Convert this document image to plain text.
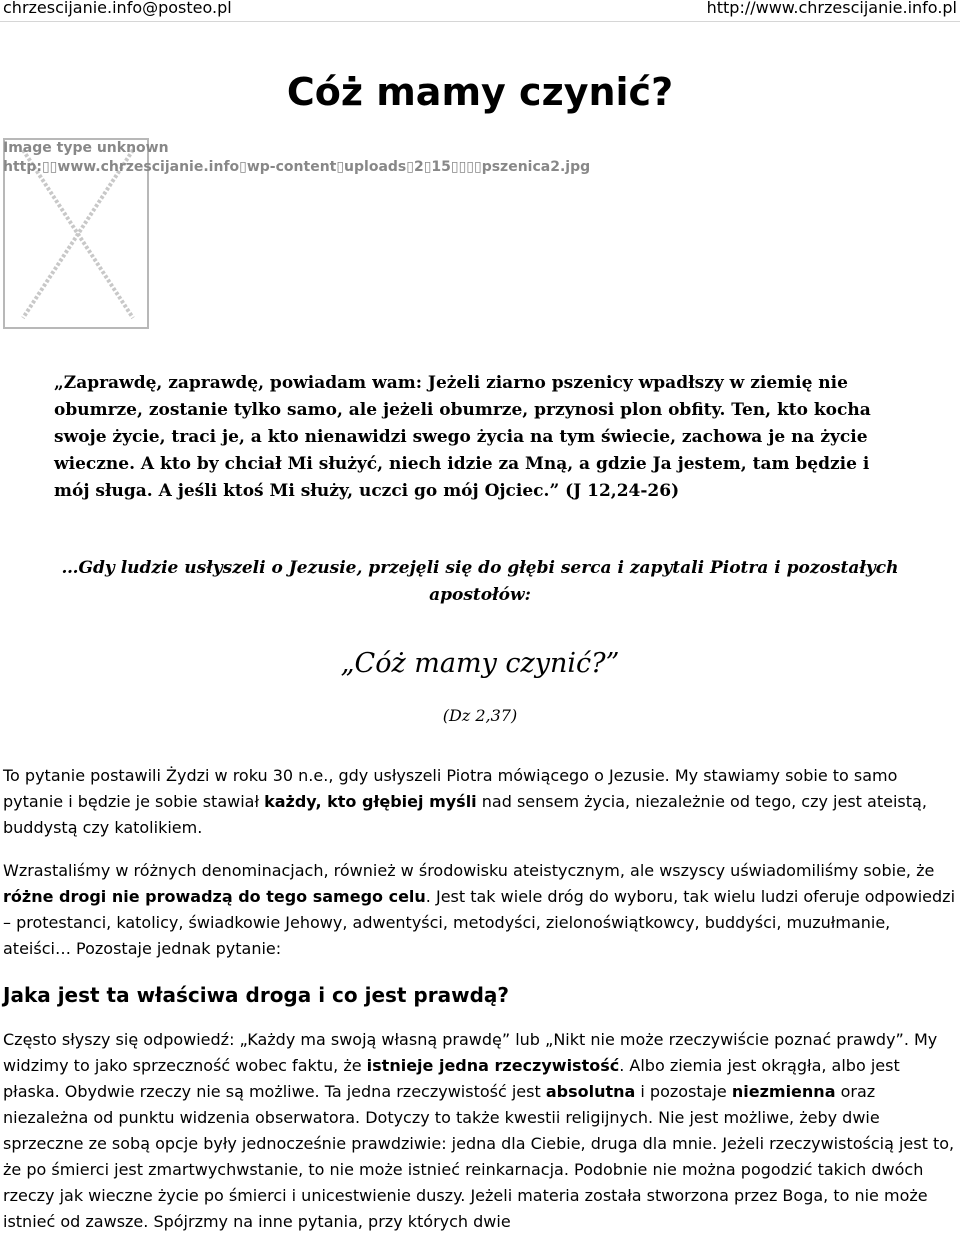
chrzescijanie.info@posteo.pl	http://www.chrzescijanie.info.pl
Cóż mamy czynić?
Image type unknown
http:▯▯www.chrzescijanie.info▯wp-content▯uploads▯2▯15▯▯▯▯pszenica2.jpg
„Zaprawdę, zaprawdę, powiadam wam: Jeżeli ziarno pszenicy wpadłszy w ziemię nie obumrze, zostanie tylko samo, ale jeżeli obumrze, przynosi plon obfity. Ten, kto kocha swoje życie, traci je, a kto nienawidzi swego życia na tym świecie, zachowa je na życie wieczne. A kto by chciał Mi służyć, niech idzie za Mną, a gdzie Ja jestem, tam będzie i mój sługa. A jeśli ktoś Mi służy, uczci go mój Ojciec.” (J 12,24-26)
…Gdy ludzie usłyszeli o Jezusie, przejęli się do głębi serca i zapytali Piotra i pozostałych apostołów:
„Cóż mamy czynić?”
(Dz 2,37)

To pytanie postawili Żydzi w roku 30 n.e., gdy usłyszeli Piotra mówiącego o Jezusie. My stawiamy sobie to samo pytanie i będzie je sobie stawiał każdy, kto głębiej myśli nad sensem życia, niezależnie od tego, czy jest ateistą, buddystą czy katolikiem.

Wzrastaliśmy w różnych denominacjach, również w środowisku ateistycznym, ale wszyscy uświadomiliśmy sobie, że różne drogi nie prowadzą do tego samego celu. Jest tak wiele dróg do wyboru, tak wielu ludzi oferuje odpowiedzi – protestanci, katolicy, świadkowie Jehowy, adwentyści, metodyści, zielonoświątkowcy, buddyści, muzułmanie, ateiści… Pozostaje jednak pytanie:

Jaka jest ta właściwa droga i co jest prawdą?

Często słyszy się odpowiedź: „Każdy ma swoją własną prawdę” lub „Nikt nie może rzeczywiście poznać prawdy”. My widzimy to jako sprzeczność wobec faktu, że istnieje jedna rzeczywistość. Albo ziemia jest okrągła, albo jest płaska. Obydwie rzeczy nie są możliwe. Ta jedna rzeczywistość jest absolutna i pozostaje niezmienna oraz niezależna od punktu widzenia obserwatora. Dotyczy to także kwestii religijnych. Nie jest możliwe, żeby dwie sprzeczne ze sobą opcje były jednocześnie prawdziwie: jedna dla Ciebie, druga dla mnie. Jeżeli rzeczywistością jest to, że po śmierci jest zmartwychwstanie, to nie może istnieć reinkarnacja. Podobnie nie można pogodzić takich dwóch rzeczy jak wieczne życie po śmierci i unicestwienie duszy. Jeżeli materia została stworzona przez Boga, to nie może istnieć od zawsze. Spójrzmy na inne pytania, przy których dwie
